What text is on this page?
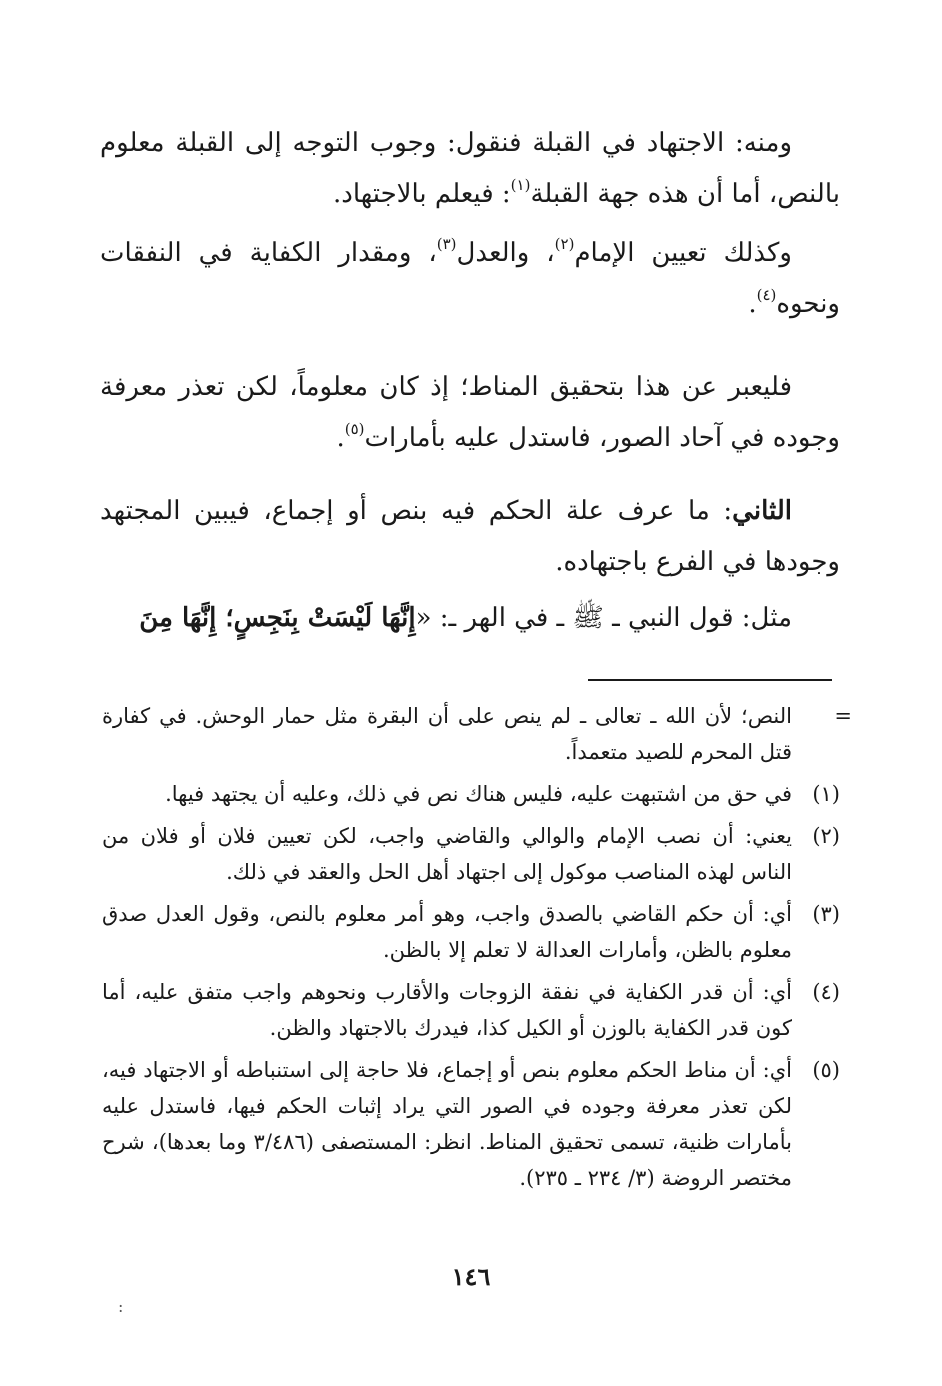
ومنه: الاجتهاد في القبلة فنقول: وجوب التوجه إلى القبلة معلوم بالنص، أما أن هذه جهة القبلة$^{(١)}$: فيعلم بالاجتهاد.

وكذلك تعيين الإمام$^{(٢)}$، والعدل$^{(٣)}$، ومقدار الكفاية في النفقات ونحوه$^{(٤)}$.

فليعبر عن هذا بتحقيق المناط؛ إذ كان معلوماً، لكن تعذر معرفة وجوده في آحاد الصور، فاستدل عليه بأمارات$^{(٥)}$.

الثاني: ما عرف علة الحكم فيه بنص أو إجماع، فيبين المجتهد وجودها في الفرع باجتهاده.

مثل: قول النبي ـ ﷺ ـ في الهر ـ: «إِنَّهَا لَيْسَتْ بِنَجِسٍ؛ إِنَّهَا مِنَ

=
النص؛ لأن الله ـ تعالى ـ لم ينص على أن البقرة مثل حمار الوحش. في كفارة قتل المحرم للصيد متعمداً.

(١)
في حق من اشتبهت عليه، فليس هناك نص في ذلك، وعليه أن يجتهد فيها.

(٢)
يعني: أن نصب الإمام والوالي والقاضي واجب، لكن تعيين فلان أو فلان من الناس لهذه المناصب موكول إلى اجتهاد أهل الحل والعقد في ذلك.

(٣)
أي: أن حكم القاضي بالصدق واجب، وهو أمر معلوم بالنص، وقول العدل صدق معلوم بالظن، وأمارات العدالة لا تعلم إلا بالظن.

(٤)
أي: أن قدر الكفاية في نفقة الزوجات والأقارب ونحوهم واجب متفق عليه، أما كون قدر الكفاية بالوزن أو الكيل كذا، فيدرك بالاجتهاد والظن.

(٥)
أي: أن مناط الحكم معلوم بنص أو إجماع، فلا حاجة إلى استنباطه أو الاجتهاد فيه، لكن تعذر معرفة وجوده في الصور التي يراد إثبات الحكم فيها، فاستدل عليه بأمارات ظنية، تسمى تحقيق المناط. انظر: المستصفى (٣/٤٨٦ وما بعدها)، شرح مختصر الروضة (٣/ ٢٣٤ ـ ٢٣٥).

١٤٦
:
